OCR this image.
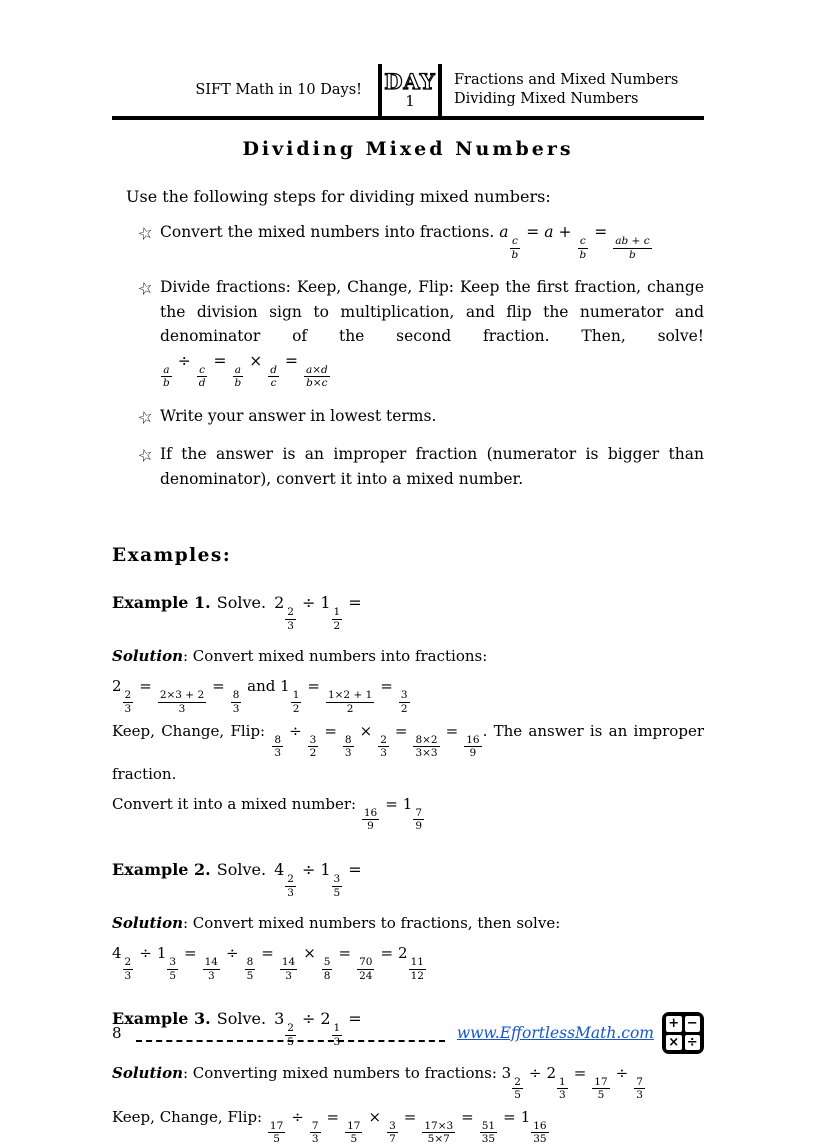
SIFT Math in 10 Days!	DAY
1
Fractions and Mixed Numbers
Dividing Mixed Numbers
Dividing Mixed Numbers
Use the following steps for dividing mixed numbers:
☆ Convert the mixed numbers into fractions. a
$\frac{c}{b}$
= a +
$\frac{c}{b}$
=
$\frac{ab + c}{b}$
☆ Divide fractions: Keep, Change, Flip: Keep the first fraction, change the division sign to multiplication, and flip the numerator and denominator of the second fraction. Then, solve!
$\frac{a}{b}$
÷
$\frac{c}{d}$
=
$\frac{a}{b}$
×
$\frac{d}{c}$
=
$\frac{a\times d}{b\times c}$
☆ Write your answer in lowest terms.
☆ If the answer is an improper fraction (numerator is bigger than denominator), convert it into a mixed number.
Examples:
Example 1. Solve. 2
$\frac{2}{3}$
÷ 1
$\frac{1}{2}$
=
Solution: Convert mixed numbers into fractions:
2
$\frac{2}{3}$
=
$\frac{2\times 3 + 2}{3}$
=
$\frac{8}{3}$
and 1
$\frac{1}{2}$
=
$\frac{1\times 2 + 1}{2}$
=
$\frac{3}{2}$
Keep, Change, Flip:
$\frac{8}{3}$
÷
$\frac{3}{2}$
=
$\frac{8}{3}$
×
$\frac{2}{3}$
=
$\frac{8\times 2}{3\times 3}$
=
$\frac{16}{9}$
. The answer is an improper fraction.
Convert it into a mixed number:
$\frac{16}{9}$
= 1
$\frac{7}{9}$
Example 2. Solve. 4
$\frac{2}{3}$
÷ 1
$\frac{3}{5}$
=
Solution: Convert mixed numbers to fractions, then solve:
4
$\frac{2}{3}$
÷ 1
$\frac{3}{5}$
=
$\frac{14}{3}$
÷
$\frac{8}{5}$
=
$\frac{14}{3}$
×
$\frac{5}{8}$
=
$\frac{70}{24}$
= 2
$\frac{11}{12}$
Example 3. Solve. 3
$\frac{2}{5}$
÷ 2
$\frac{1}{3}$
=
Solution: Converting mixed numbers to fractions: 3
$\frac{2}{5}$
÷ 2
$\frac{1}{3}$
=
$\frac{17}{5}$
÷
$\frac{7}{3}$
Keep, Change, Flip:
$\frac{17}{5}$
÷
$\frac{7}{3}$
=
$\frac{17}{5}$
×
$\frac{3}{7}$
=
$\frac{17\times 3}{5\times 7}$
=
$\frac{51}{35}$
= 1
$\frac{16}{35}$
8	www.EffortlessMath.com
+ −
× ÷
